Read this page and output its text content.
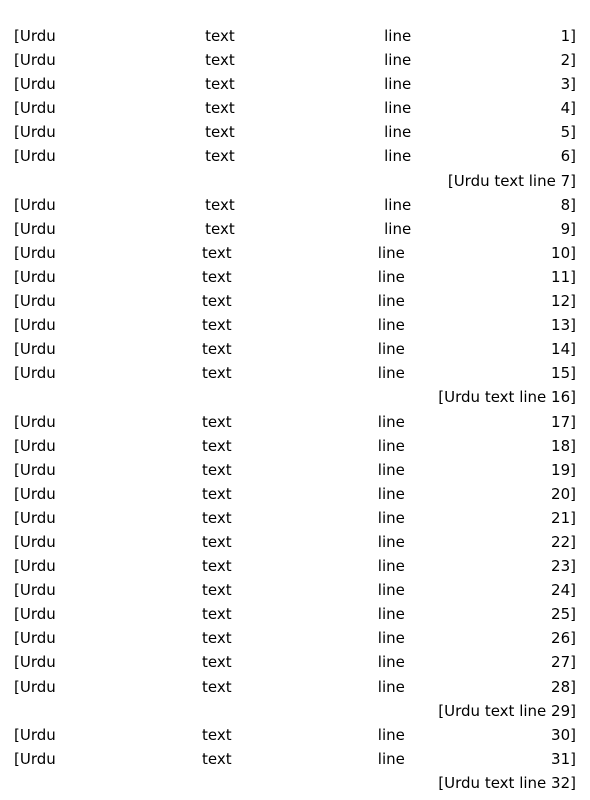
[Urdu text line 1]
[Urdu text line 2]
[Urdu text line 3]
[Urdu text line 4]
[Urdu text line 5]
[Urdu text line 6]
[Urdu text line 7]
[Urdu text line 8]
[Urdu text line 9]
[Urdu text line 10]
[Urdu text line 11]
[Urdu text line 12]
[Urdu text line 13]
[Urdu text line 14]
[Urdu text line 15]
[Urdu text line 16]
[Urdu text line 17]
[Urdu text line 18]
[Urdu text line 19]
[Urdu text line 20]
[Urdu text line 21]
[Urdu text line 22]
[Urdu text line 23]
[Urdu text line 24]
[Urdu text line 25]
[Urdu text line 26]
[Urdu text line 27]
[Urdu text line 28]
[Urdu text line 29]
[Urdu text line 30]
[Urdu text line 31]
[Urdu text line 32]
